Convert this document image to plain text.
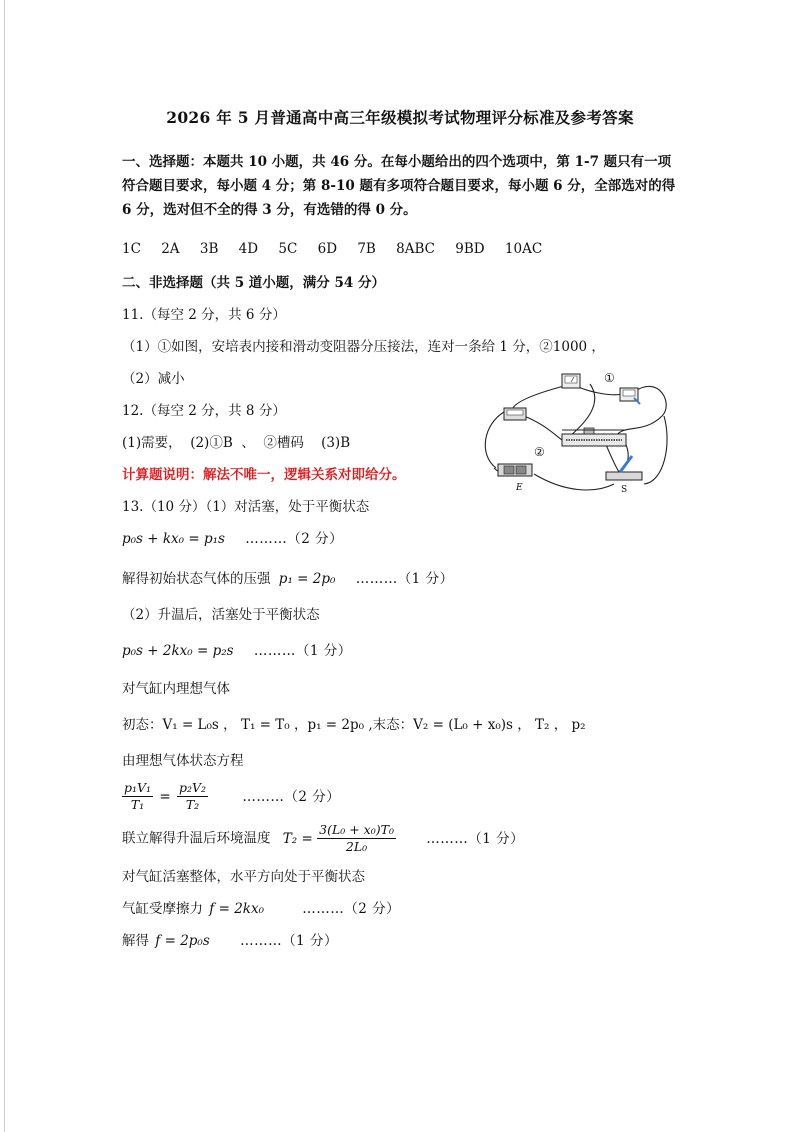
2026 年 5 月普通高中高三年级模拟考试物理评分标准及参考答案
一、选择题：本题共 10 小题，共 46 分。在每小题给出的四个选项中，第 1-7 题只有一项符合题目要求，每小题 4 分；第 8-10 题有多项符合题目要求，每小题 6 分，全部选对的得 6 分，选对但不全的得 3 分，有选错的得 0 分。
1C 2A 3B 4D 5C 6D 7B 8ABC 9BD 10AC
二、非选择题（共 5 道小题，满分 54 分）
11.（每空 2 分，共 6 分）
（1）①如图，安培表内接和滑动变阻器分压接法，连对一条给 1 分，②1000 ，
（2）减小
12.（每空 2 分，共 8 分）
(1)需要，  (2)①B  、  ②槽码    (3)B
计算题说明：解法不唯一，逻辑关系对即给分。
13.（10 分）（1）对活塞，处于平衡状态
p₀s + kx₀ = p₁s ………（2 分）
解得初始状态气体的压强 p₁ = 2p₀ ………（1 分）
（2）升温后，活塞处于平衡状态
p₀s + 2kx₀ = p₂s ………（1 分）
对气缸内理想气体
初态：V₁ = L₀s ， T₁ = T₀ ，p₁ = 2p₀ ,末态：V₂ = (L₀ + x₀)s ， T₂ ， p₂
由理想气体状态方程
$\frac{\text{p₁V₁}}{\text{T₁}} = \frac{\text{p₂V₂}}{\text{T₂}}$	………（2 分）
联立解得升温后环境温度 $T_2 = \frac{\text{3(L₀ + x₀)T₀}}{\text{2L₀}}$ ………（1 分）
对气缸活塞整体，水平方向处于平衡状态
气缸受摩擦力 f = 2kx₀	………（2 分）
解得 f = 2p₀s ………（1 分）
①
②
E	S
